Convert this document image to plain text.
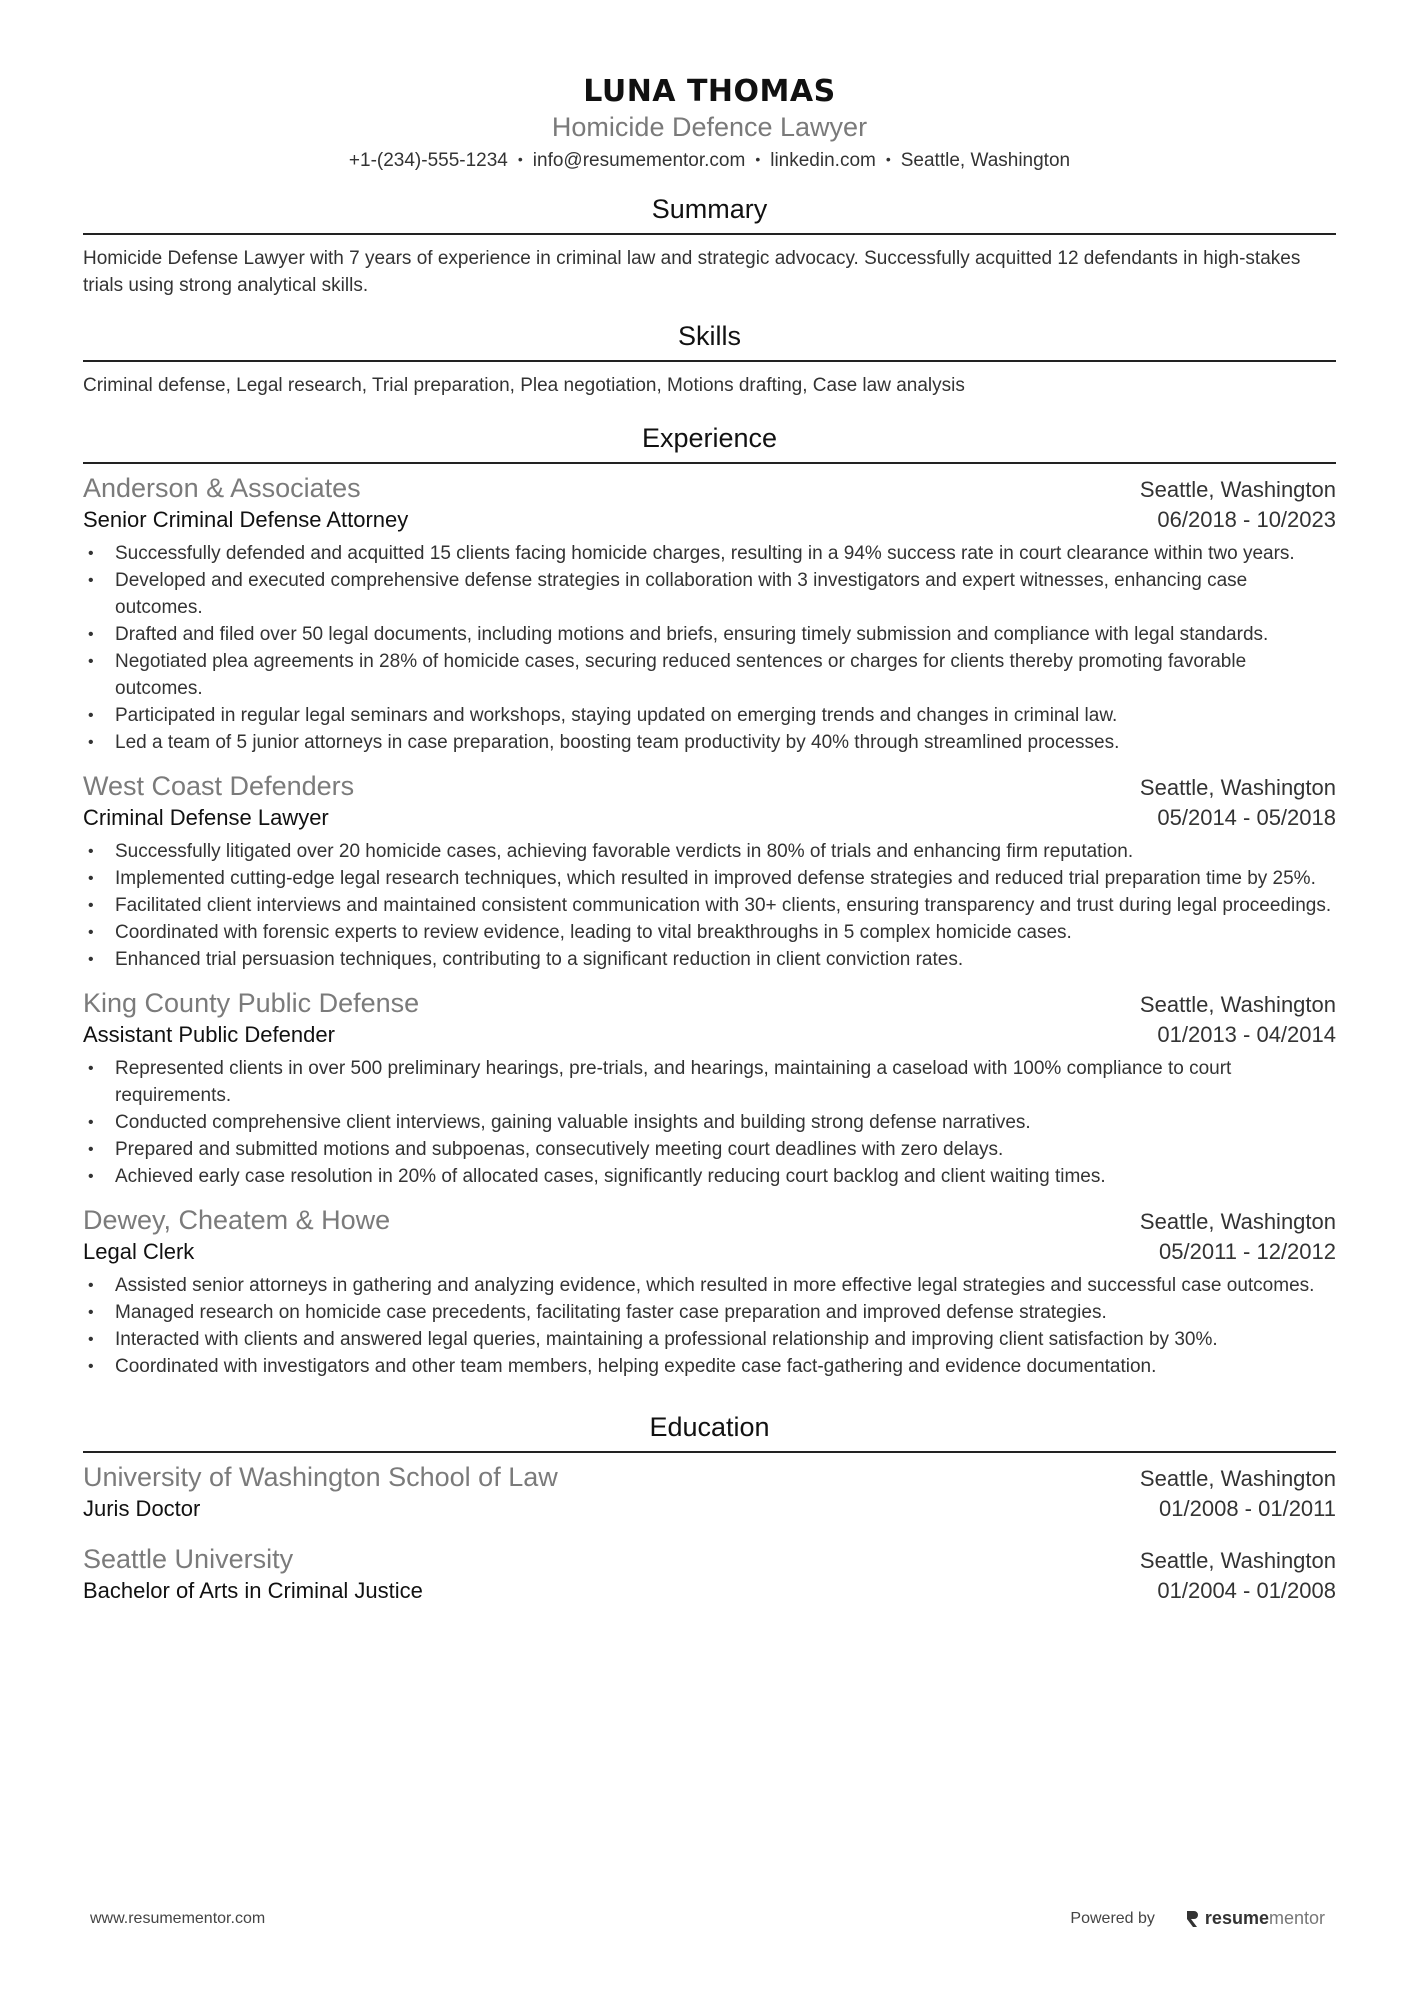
LUNA THOMAS
Homicide Defence Lawyer
+1-(234)-555-1234 • info@resumementor.com • linkedin.com • Seattle, Washington
Summary
Homicide Defense Lawyer with 7 years of experience in criminal law and strategic advocacy. Successfully acquitted 12 defendants in high-stakes trials using strong analytical skills.
Skills
Criminal defense, Legal research, Trial preparation, Plea negotiation, Motions drafting, Case law analysis
Experience
Anderson & Associates	Seattle, Washington
Senior Criminal Defense Attorney	06/2018 - 10/2023
• Successfully defended and acquitted 15 clients facing homicide charges, resulting in a 94% success rate in court clearance within two years.
• Developed and executed comprehensive defense strategies in collaboration with 3 investigators and expert witnesses, enhancing case outcomes.
• Drafted and filed over 50 legal documents, including motions and briefs, ensuring timely submission and compliance with legal standards.
• Negotiated plea agreements in 28% of homicide cases, securing reduced sentences or charges for clients thereby promoting favorable outcomes.
• Participated in regular legal seminars and workshops, staying updated on emerging trends and changes in criminal law.
• Led a team of 5 junior attorneys in case preparation, boosting team productivity by 40% through streamlined processes.
West Coast Defenders	Seattle, Washington
Criminal Defense Lawyer	05/2014 - 05/2018
• Successfully litigated over 20 homicide cases, achieving favorable verdicts in 80% of trials and enhancing firm reputation.
• Implemented cutting-edge legal research techniques, which resulted in improved defense strategies and reduced trial preparation time by 25%.
• Facilitated client interviews and maintained consistent communication with 30+ clients, ensuring transparency and trust during legal proceedings.
• Coordinated with forensic experts to review evidence, leading to vital breakthroughs in 5 complex homicide cases.
• Enhanced trial persuasion techniques, contributing to a significant reduction in client conviction rates.
King County Public Defense	Seattle, Washington
Assistant Public Defender	01/2013 - 04/2014
• Represented clients in over 500 preliminary hearings, pre-trials, and hearings, maintaining a caseload with 100% compliance to court requirements.
• Conducted comprehensive client interviews, gaining valuable insights and building strong defense narratives.
• Prepared and submitted motions and subpoenas, consecutively meeting court deadlines with zero delays.
• Achieved early case resolution in 20% of allocated cases, significantly reducing court backlog and client waiting times.
Dewey, Cheatem & Howe	Seattle, Washington
Legal Clerk	05/2011 - 12/2012
• Assisted senior attorneys in gathering and analyzing evidence, which resulted in more effective legal strategies and successful case outcomes.
• Managed research on homicide case precedents, facilitating faster case preparation and improved defense strategies.
• Interacted with clients and answered legal queries, maintaining a professional relationship and improving client satisfaction by 30%.
• Coordinated with investigators and other team members, helping expedite case fact-gathering and evidence documentation.
Education
University of Washington School of Law	Seattle, Washington
Juris Doctor	01/2008 - 01/2011
Seattle University	Seattle, Washington
Bachelor of Arts in Criminal Justice	01/2004 - 01/2008
www.resumementor.com	Powered by	resume mentor
